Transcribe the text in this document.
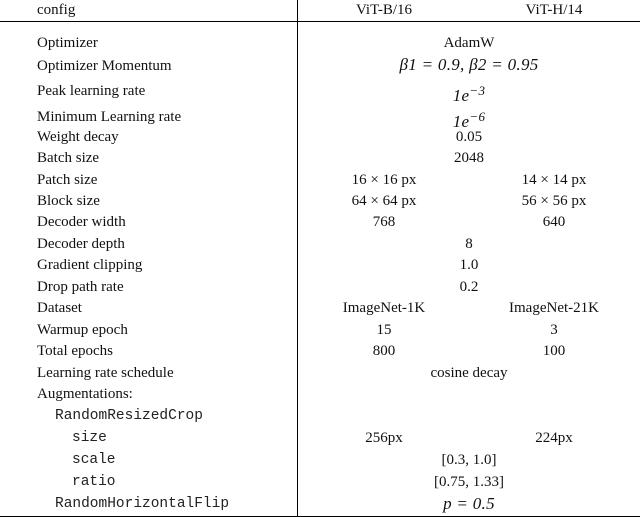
config	ViT-B/16	ViT-H/14
Optimizer	AdamW
Optimizer Momentum	β1 = 0.9, β2 = 0.95
Peak learning rate	$1e^{-3}$
Minimum Learning rate	$1e^{-6}$
Weight decay	0.05
Batch size	2048
Patch size	16 × 16 px	14 × 14 px
Block size	64 × 64 px	56 × 56 px
Decoder width	768	640
Decoder depth	8
Gradient clipping	1.0
Drop path rate	0.2
Dataset	ImageNet-1K	ImageNet-21K
Warmup epoch	15	3
Total epochs	800	100
Learning rate schedule	cosine decay
Augmentations:
RandomResizedCrop
size	256px	224px
scale	[0.3, 1.0]
ratio	[0.75, 1.33]
RandomHorizontalFlip	p = 0.5
